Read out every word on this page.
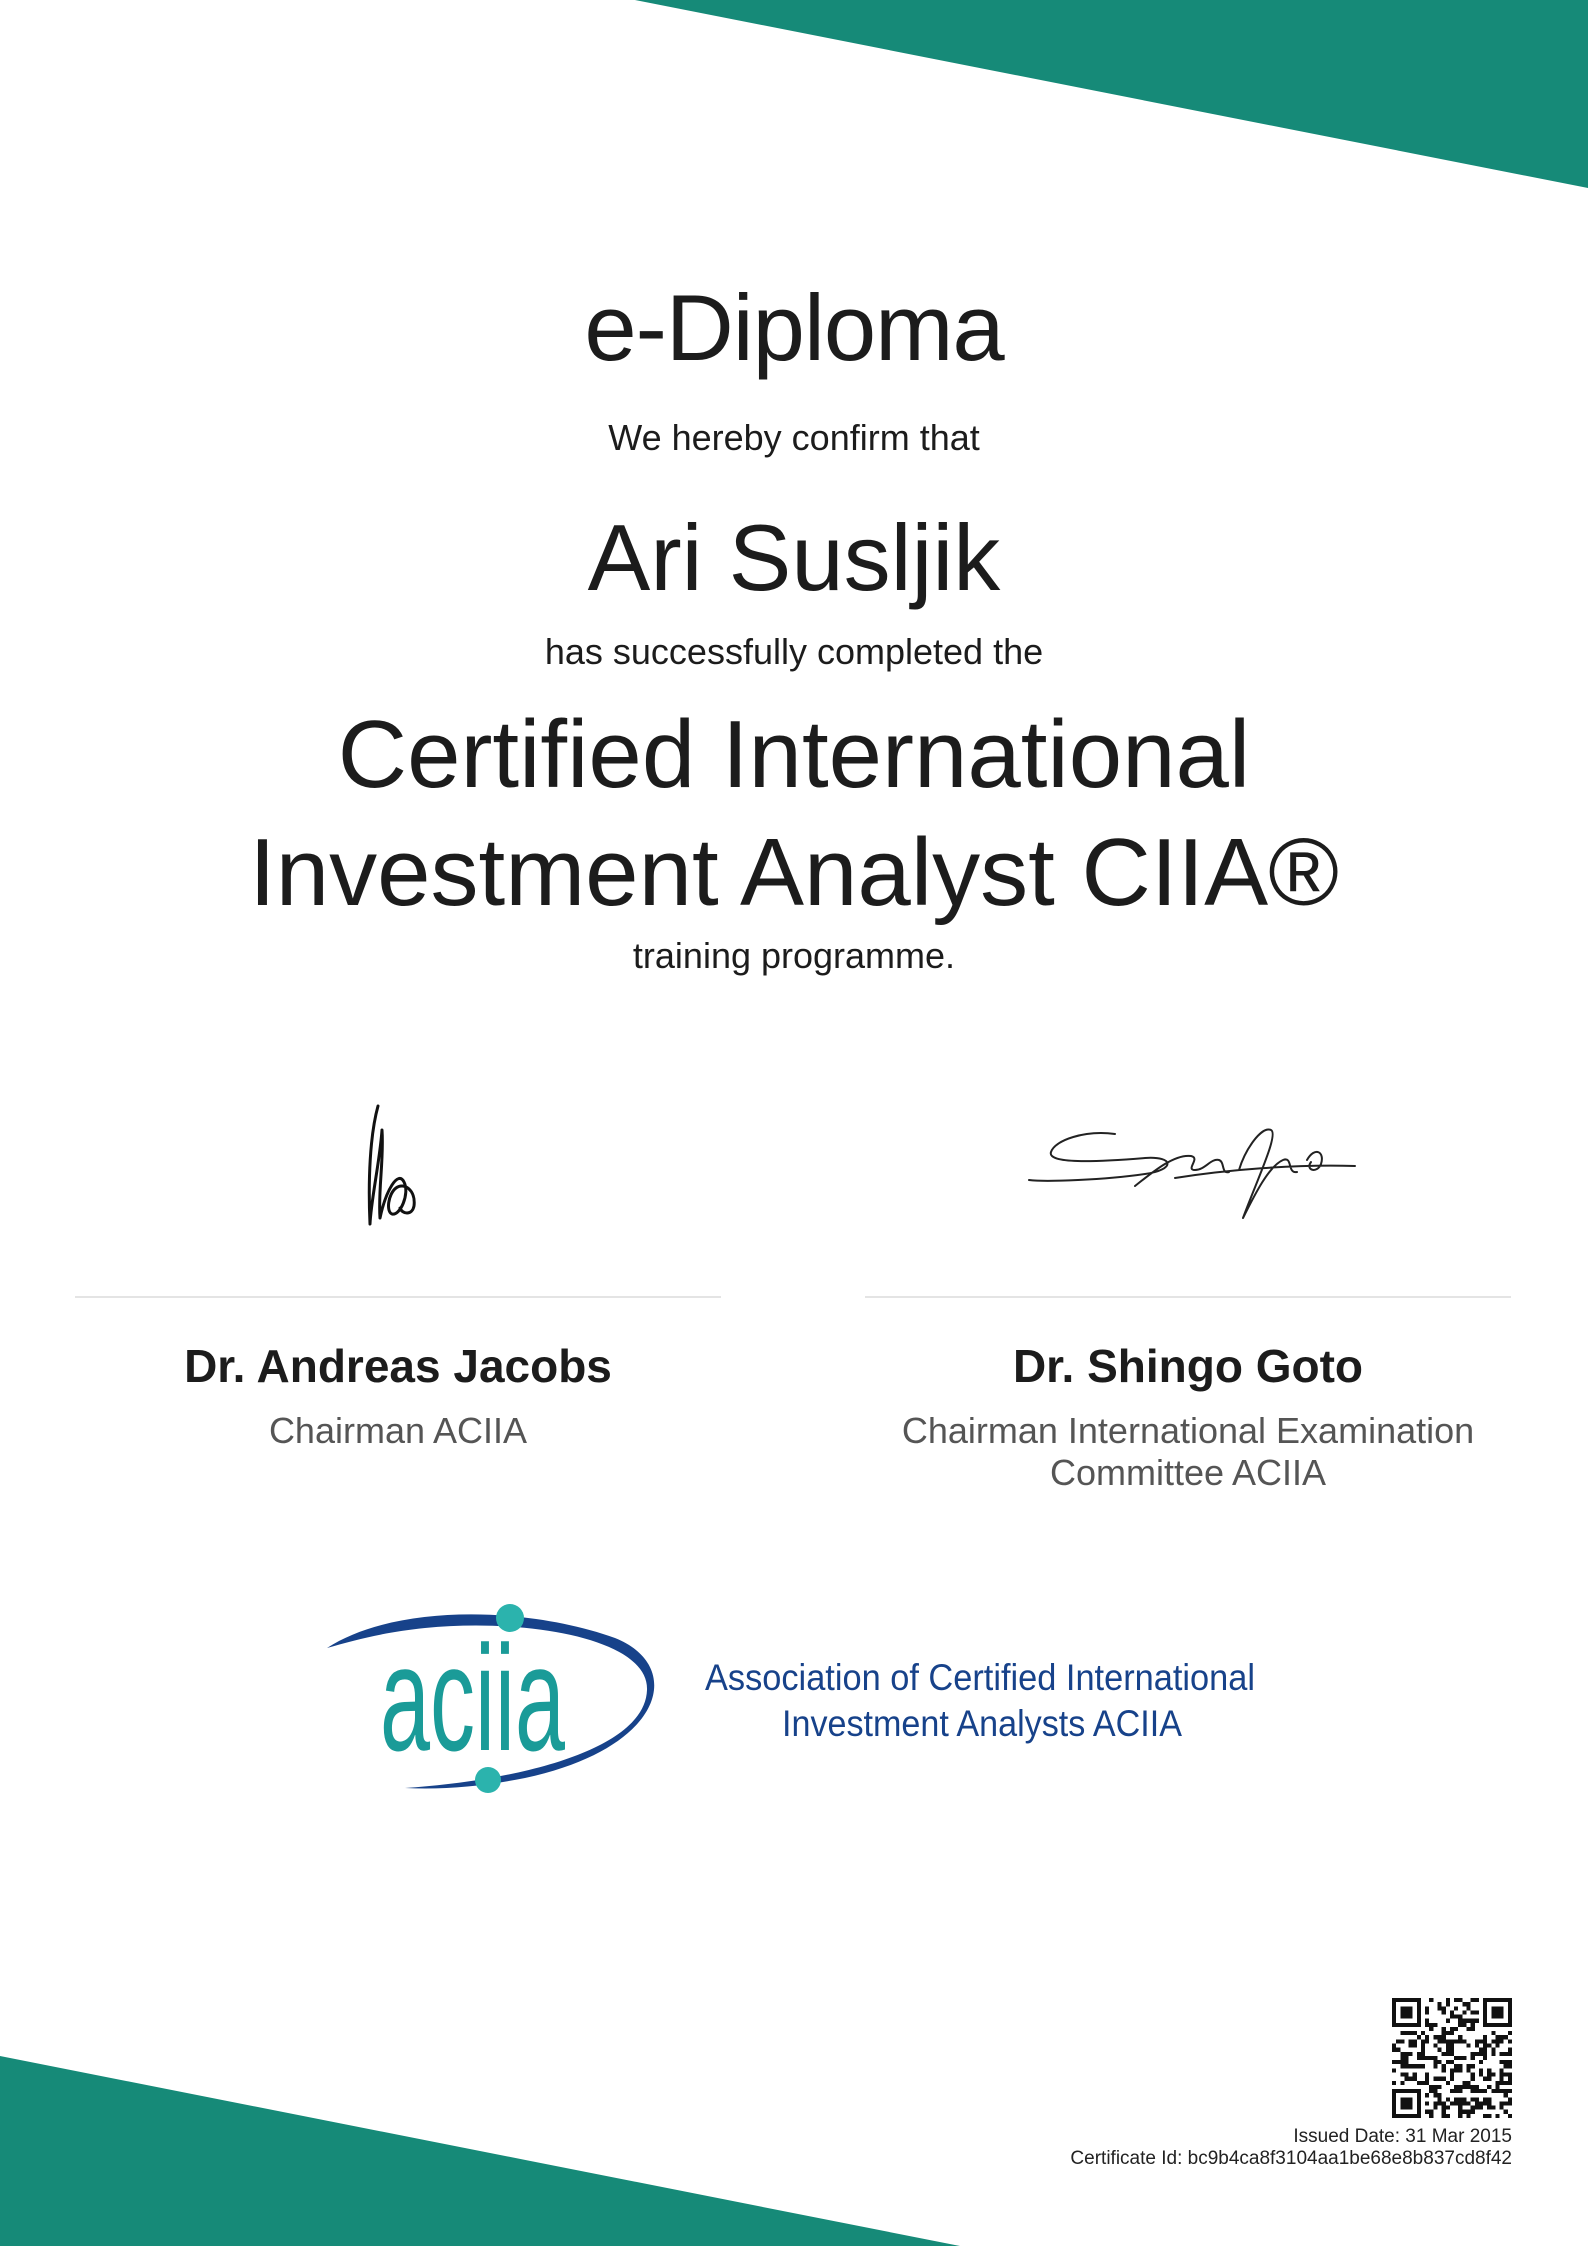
e-Diploma
We hereby confirm that
Ari Susljik
has successfully completed the
Certified International
Investment Analyst CIIA®
training programme.
Dr. Andreas Jacobs
Chairman ACIIA
Dr. Shingo Goto
Chairman International Examination
Committee ACIIA
aciia	Association of Certified International
Investment Analysts ACIIA
Issued Date: 31 Mar 2015
Certificate Id: bc9b4ca8f3104aa1be68e8b837cd8f42
